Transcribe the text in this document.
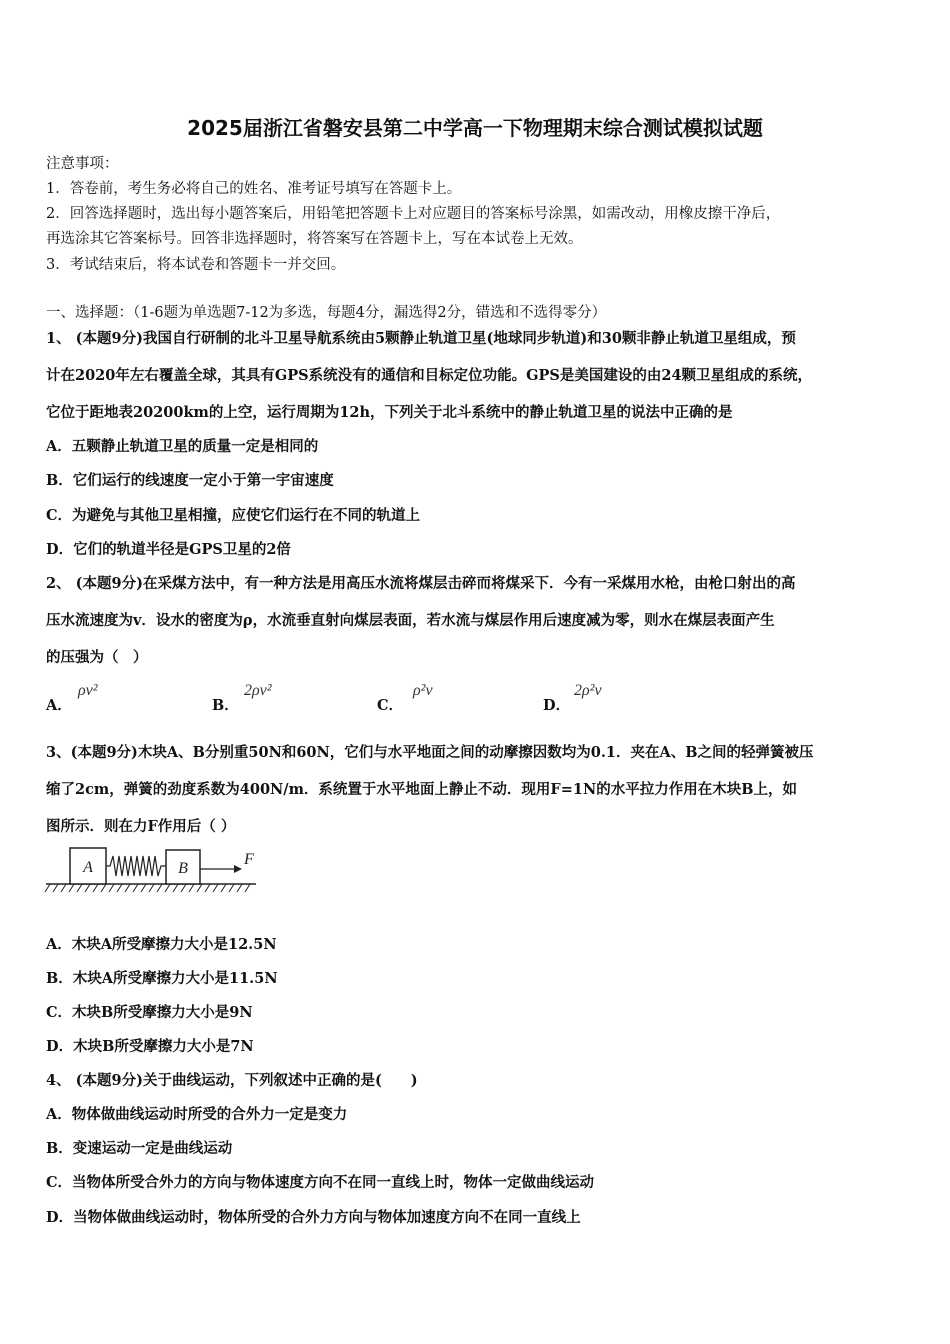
2025届浙江省磐安县第二中学高一下物理期末综合测试模拟试题
注意事项：
1．答卷前，考生务必将自己的姓名、准考证号填写在答题卡上。
2．回答选择题时，选出每小题答案后，用铅笔把答题卡上对应题目的答案标号涂黑，如需改动，用橡皮擦干净后，
再选涂其它答案标号。回答非选择题时，将答案写在答题卡上，写在本试卷上无效。
3．考试结束后，将本试卷和答题卡一并交回。
一、选择题：（1-6题为单选题7-12为多选，每题4分，漏选得2分，错选和不选得零分）
1、 (本题9分)我国自行研制的北斗卫星导航系统由5颗静止轨道卫星(地球同步轨道)和30颗非静止轨道卫星组成，预
计在2020年左右覆盖全球，其具有GPS系统没有的通信和目标定位功能。GPS是美国建设的由24颗卫星组成的系统，
它位于距地表20200km的上空，运行周期为12h，下列关于北斗系统中的静止轨道卫星的说法中正确的是
A．五颗静止轨道卫星的质量一定是相同的
B．它们运行的线速度一定小于第一宇宙速度
C．为避免与其他卫星相撞，应使它们运行在不同的轨道上
D．它们的轨道半径是GPS卫星的2倍
2、 (本题9分)在采煤方法中，有一种方法是用高压水流将煤层击碎而将煤采下．今有一采煤用水枪，由枪口射出的高
压水流速度为v．设水的密度为ρ，水流垂直射向煤层表面，若水流与煤层作用后速度减为零，则水在煤层表面产生
的压强为（　）
A．
ρv²
B．
2ρv²
C．
ρ²v
D．
2ρ²v
3、(本题9分)木块A、B分别重50N和60N，它们与水平地面之间的动摩擦因数均为0.1．夹在A、B之间的轻弹簧被压
缩了2cm，弹簧的劲度系数为400N/m．系统置于水平地面上静止不动．现用F=1N的水平拉力作用在木块B上，如
图所示．则在力F作用后（ ）
A	B
F
A．木块A所受摩擦力大小是12.5N
B．木块A所受摩擦力大小是11.5N
C．木块B所受摩擦力大小是9N
D．木块B所受摩擦力大小是7N
4、 (本题9分)关于曲线运动，下列叙述中正确的是(　　)
A．物体做曲线运动时所受的合外力一定是变力
B．变速运动一定是曲线运动
C．当物体所受合外力的方向与物体速度方向不在同一直线上时，物体一定做曲线运动
D．当物体做曲线运动时，物体所受的合外力方向与物体加速度方向不在同一直线上
